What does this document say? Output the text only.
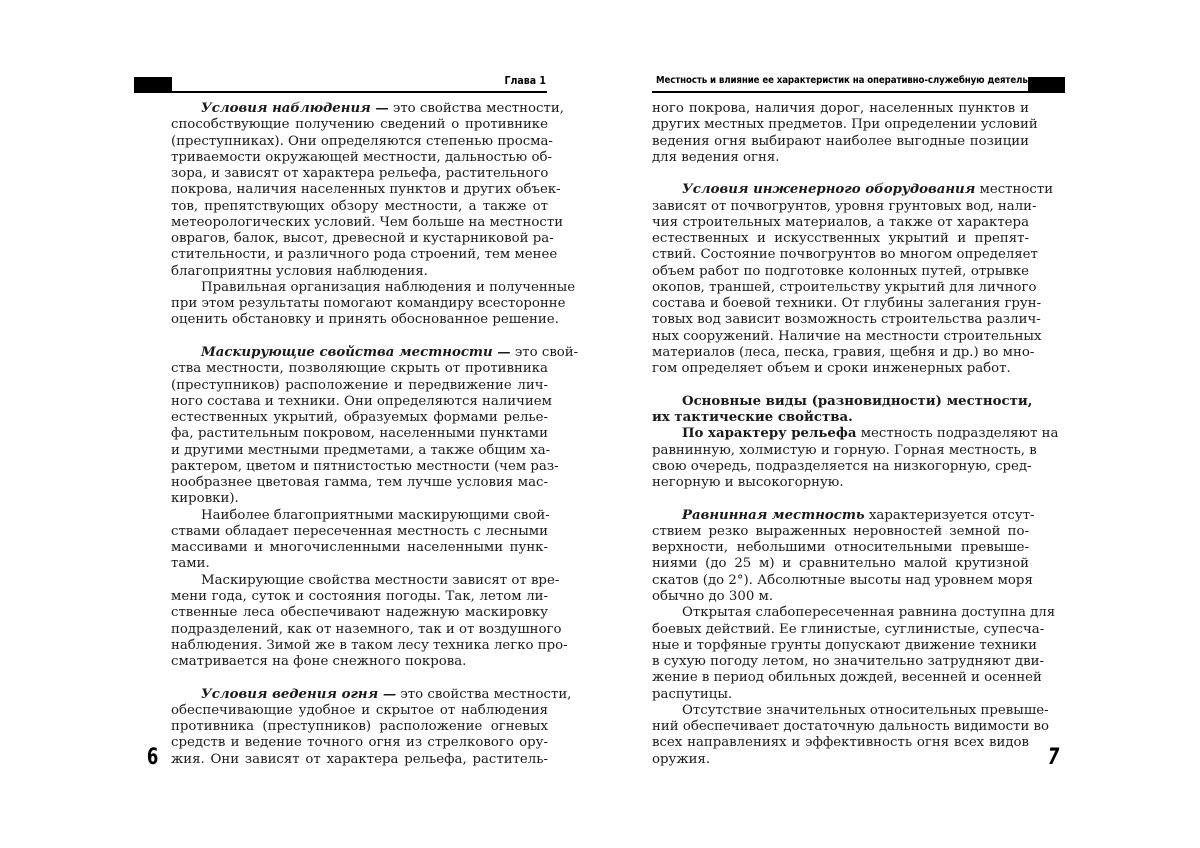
Глава 1
Условия наблюдения — это свойства местности,
способствующие получению сведений о противнике
(преступниках). Они определяются степенью просма-
триваемости окружающей местности, дальностью об-
зора, и зависят от характера рельефа, растительного
покрова, наличия населенных пунктов и других объек-
тов, препятствующих обзору местности, а также от
метеорологических условий. Чем больше на местности
оврагов, балок, высот, древесной и кустарниковой ра-
стительности, и различного рода строений, тем менее
благоприятны условия наблюдения.
Правильная организация наблюдения и полученные
при этом результаты помогают командиру всесторонне
оценить обстановку и принять обоснованное решение.
Маскирующие свойства местности — это свой-
ства местности, позволяющие скрыть от противника
(преступников) расположение и передвижение лич-
ного состава и техники. Они определяются наличием
естественных укрытий, образуемых формами релье-
фа, растительным покровом, населенными пунктами
и другими местными предметами, а также общим ха-
рактером, цветом и пятнистостью местности (чем раз-
нообразнее цветовая гамма, тем лучше условия мас-
кировки).
Наиболее благоприятными маскирующими свой-
ствами обладает пересеченная местность с лесными
массивами и многочисленными населенными пунк-
тами.
Маскирующие свойства местности зависят от вре-
мени года, суток и состояния погоды. Так, летом ли-
ственные леса обеспечивают надежную маскировку
подразделений, как от наземного, так и от воздушного
наблюдения. Зимой же в таком лесу техника легко про-
сматривается на фоне снежного покрова.
Условия ведения огня — это свойства местности,
обеспечивающие удобное и скрытое от наблюдения
противника (преступников) расположение огневых
средств и ведение точного огня из стрелкового ору-
жия. Они зависят от характера рельефа, раститель-
6
Местность и влияние ее характеристик на оперативно-служебную деятельность
ного покрова, наличия дорог, населенных пунктов и
других местных предметов. При определении условий
ведения огня выбирают наиболее выгодные позиции
для ведения огня.
Условия инженерного оборудования местности
зависят от почвогрунтов, уровня грунтовых вод, нали-
чия строительных материалов, а также от характера
естественных и искусственных укрытий и препят-
ствий. Состояние почвогрунтов во многом определяет
объем работ по подготовке колонных путей, отрывке
окопов, траншей, строительству укрытий для личного
состава и боевой техники. От глубины залегания грун-
товых вод зависит возможность строительства различ-
ных сооружений. Наличие на местности строительных
материалов (леса, песка, гравия, щебня и др.) во мно-
гом определяет объем и сроки инженерных работ.
Основные виды (разновидности) местности,
их тактические свойства.
По характеру рельефа местность подразделяют на
равнинную, холмистую и горную. Горная местность, в
свою очередь, подразделяется на низкогорную, сред-
негорную и высокогорную.
Равнинная местность характеризуется отсут-
ствием резко выраженных неровностей земной по-
верхности, небольшими относительными превыше-
ниями (до 25 м) и сравнительно малой крутизной
скатов (до 2°). Абсолютные высоты над уровнем моря
обычно до 300 м.
Открытая слабопересеченная равнина доступна для
боевых действий. Ее глинистые, суглинистые, супесча-
ные и торфяные грунты допускают движение техники
в сухую погоду летом, но значительно затрудняют дви-
жение в период обильных дождей, весенней и осенней
распутицы.
Отсутствие значительных относительных превыше-
ний обеспечивает достаточную дальность видимости во
всех направлениях и эффективность огня всех видов
оружия.	7
